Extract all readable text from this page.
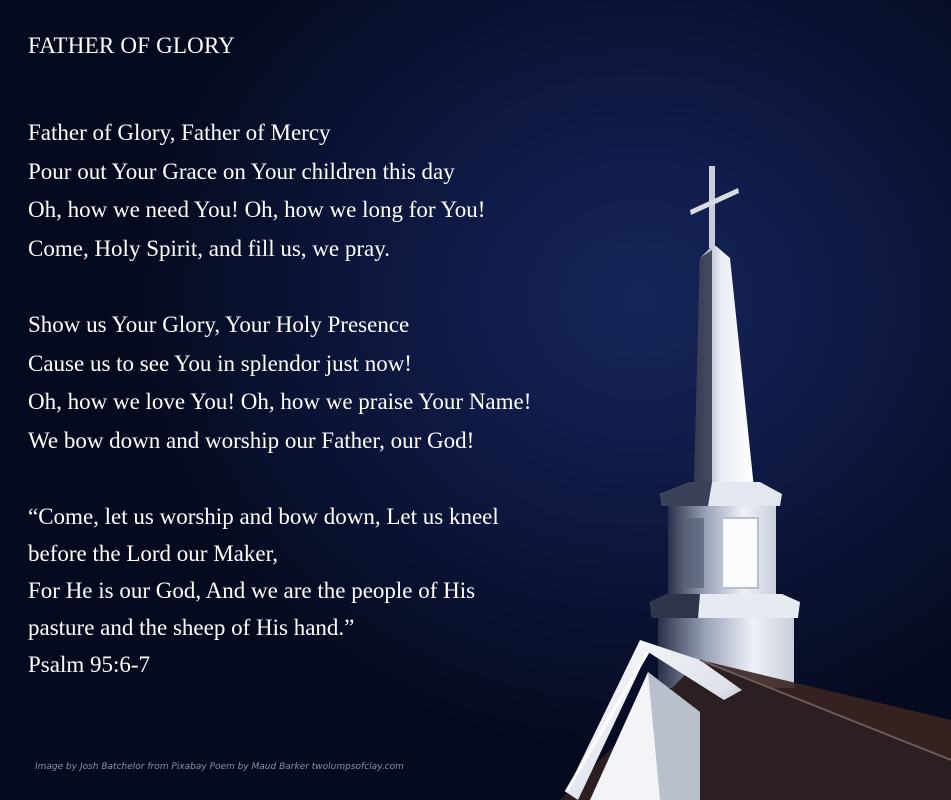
FATHER OF GLORY
Father of Glory, Father of Mercy
Pour out Your Grace on Your children this day
Oh, how we need You! Oh, how we long for You!
Come, Holy Spirit, and fill us, we pray.
Show us Your Glory, Your Holy Presence
Cause us to see You in splendor just now!
Oh, how we love You! Oh, how we praise Your Name!
We bow down and worship our Father, our God!
“Come, let us worship and bow down, Let us kneel
before the Lord our Maker,
For He is our God, And we are the people of His
pasture and the sheep of His hand.”
Psalm 95:6-7
Image by Josh Batchelor from Pixabay Poem by Maud Barker twolumpsofclay.com
